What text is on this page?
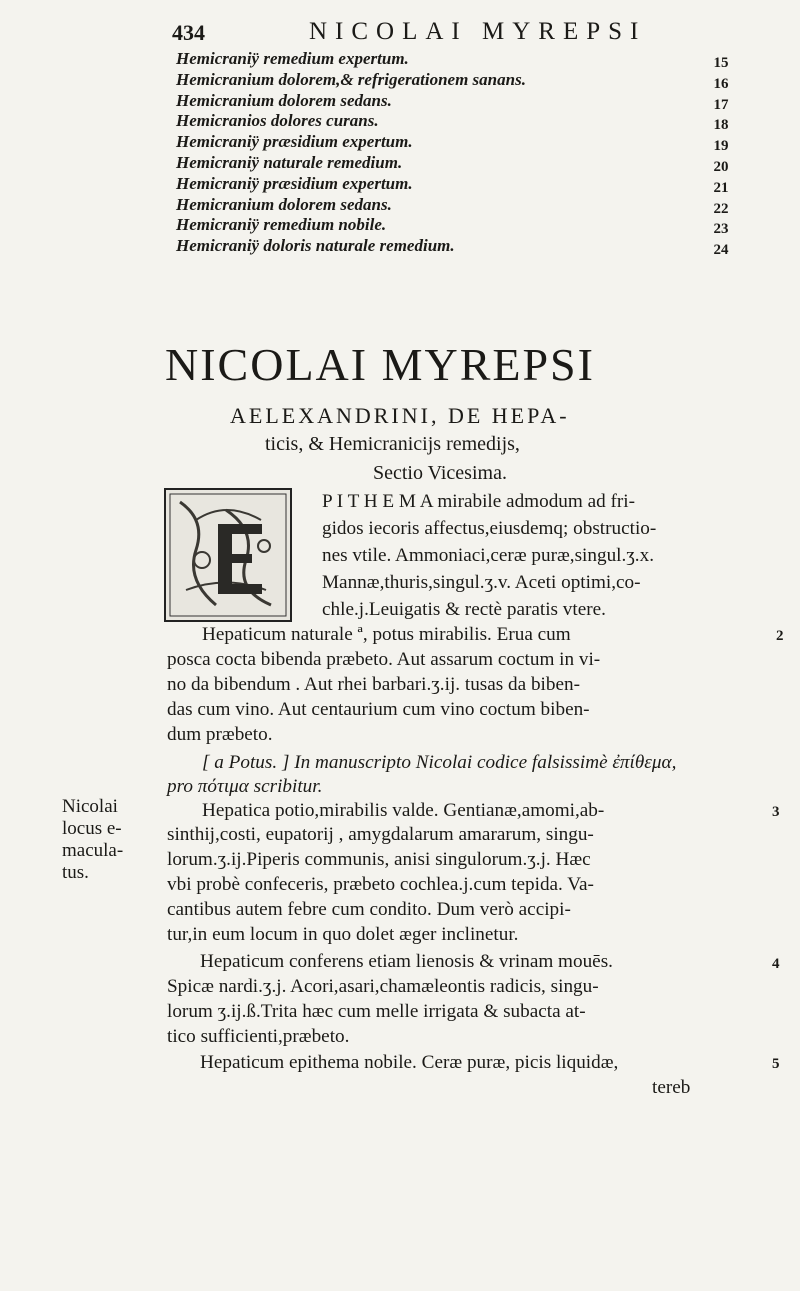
434	NICOLAI MYREPSI
Hemicraniÿ remedium expertum.	15
Hemicranium dolorem,& refrigerationem sanans.	16
Hemicranium dolorem sedans.	17
Hemicranios dolores curans.	18
Hemicraniÿ præsidium expertum.	19
Hemicraniÿ naturale remedium.	20
Hemicraniÿ præsidium expertum.	21
Hemicranium dolorem sedans.	22
Hemicraniÿ remedium nobile.	23
Hemicraniÿ doloris naturale remedium.	24
NICOLAI MYREPSI
AELEXANDRINI, DE HEPA-
ticis, & Hemicranicijs remedijs,
Sectio Vicesima.
P I T H E M A mirabile admodum ad fri-
gidos iecoris affectus,eiusdemq; obstructio-
nes vtile. Ammoniaci,ceræ puræ,singul.ʒ.x.
Mannæ,thuris,singul.ʒ.v. Aceti optimi,co-
chle.j.Leuigatis & rectè paratis vtere.
Hepaticum naturale ª, potus mirabilis. Erua cum
posca cocta bibenda præbeto. Aut assarum coctum in vi-
no da bibendum . Aut rhei barbari.ʒ.ij. tusas da biben-
das cum vino. Aut centaurium cum vino coctum biben-
dum præbeto.
[ a Potus. ] In manuscripto Nicolai codice falsissimè ἐπίθεμα,
pro πότιμα scribitur.
Hepatica potio,mirabilis valde. Gentianæ,amomi,ab-
sinthij,costi, eupatorij , amygdalarum amararum, singu-
lorum.ʒ.ij.Piperis communis, anisi singulorum.ʒ.j. Hæc
vbi probè confeceris, præbeto cochlea.j.cum tepida. Va-
cantibus autem febre cum condito. Dum verò accipi-
tur,in eum locum in quo dolet æger inclinetur.
Hepaticum conferens etiam lienosis & vrinam mouēs.
Spicæ nardi.ʒ.j. Acori,asari,chamæleontis radicis, singu-
lorum ʒ.ij.ß.Trita hæc cum melle irrigata & subacta at-
tico sufficienti,præbeto.
Hepaticum epithema nobile. Ceræ puræ, picis liquidæ,
tereb
Nicolai
locus e-
macula-
tus.
2
3
4
5
